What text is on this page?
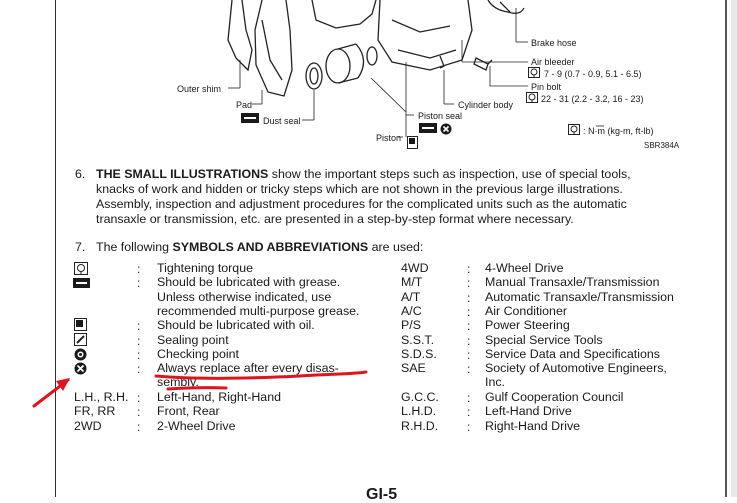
Brake hose
Air bleeder
7 - 9 (0.7 - 0.9, 5.1 - 6.5)
Pin bolt
22 - 31 (2.2 - 3.2, 16 - 23)
Outer shim
Pad
Dust seal
Cylinder body
Piston seal
Piston
: N·m (kg-m, ft-lb)
SBR384A
6. THE SMALL ILLUSTRATIONS show the important steps such as inspection, use of special tools,
knacks of work and hidden or tricky steps which are not shown in the previous large illustrations.
Assembly, inspection and adjustment procedures for the complicated units such as the automatic
transaxle or transmission, etc. are presented in a step-by-step format where necessary.
7. The following SYMBOLS AND ABBREVIATIONS are used:
L.H., R.H.
FR, RR
2WD
:
:
:
:
:
:
:
:
:
Tightening torque
Should be lubricated with grease.
Unless otherwise indicated, use
recommended multi-purpose grease.
Should be lubricated with oil.
Sealing point
Checking point
Always replace after every disas-
sembly.
Left-Hand, Right-Hand
Front, Rear
2-Wheel Drive
4WD
M/T
A/T
A/C
P/S
S.S.T.
S.D.S.
SAE
G.C.C.
L.H.D.
R.H.D.
:
:
:
:
:
:
:
:
:
:
:
4-Wheel Drive
Manual Transaxle/Transmission
Automatic Transaxle/Transmission
Air Conditioner
Power Steering
Special Service Tools
Service Data and Specifications
Society of Automotive Engineers,
Inc.
Gulf Cooperation Council
Left-Hand Drive
Right-Hand Drive
GI-5
